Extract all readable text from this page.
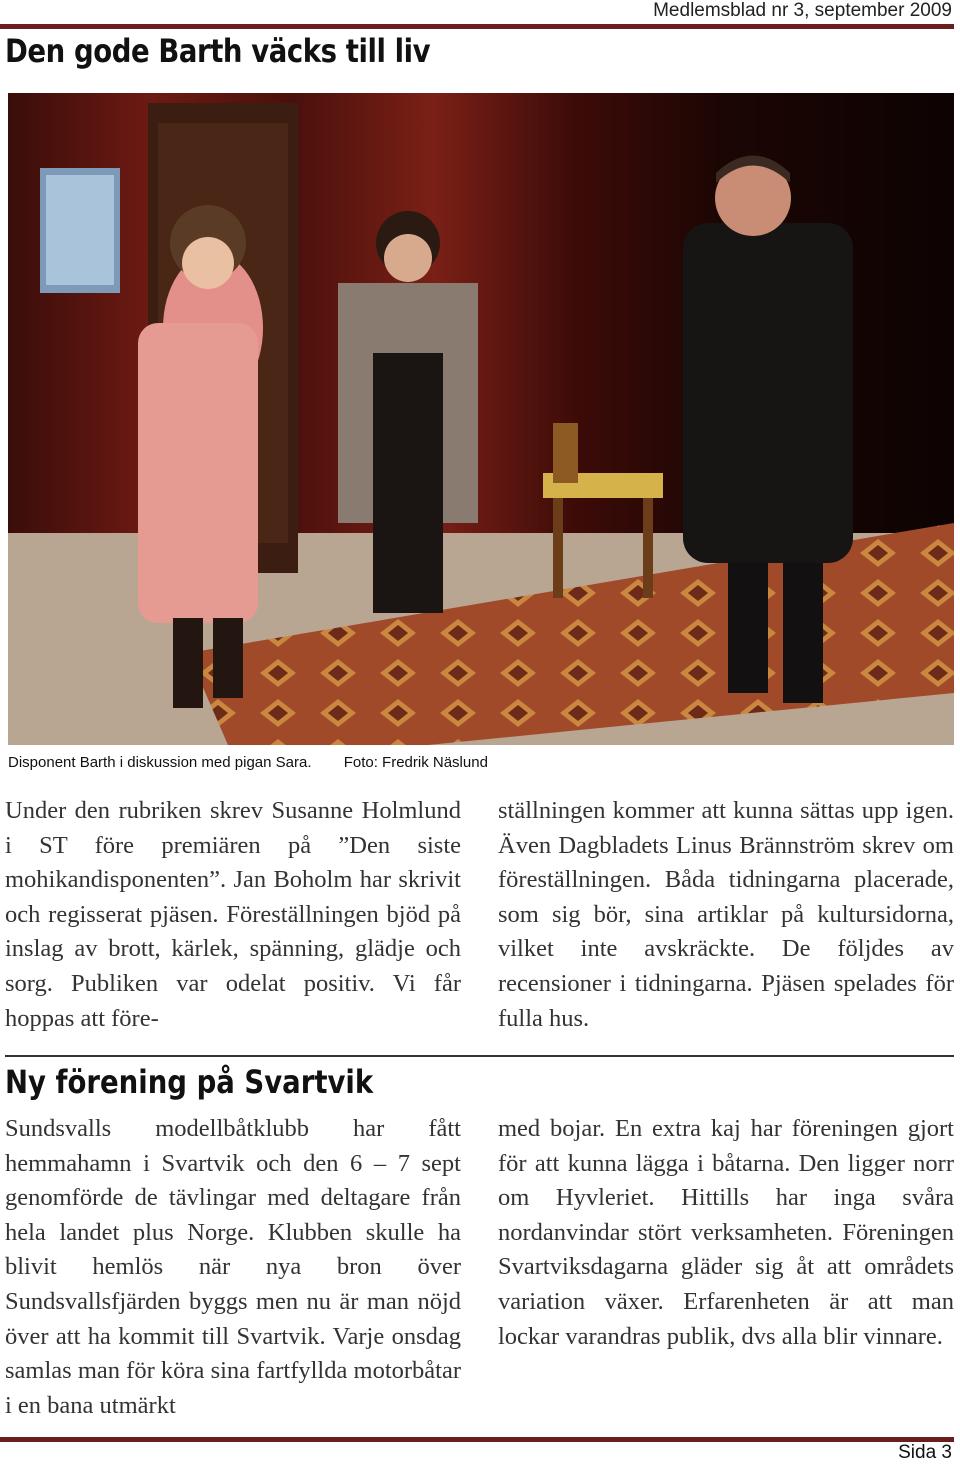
Medlemsblad nr 3, september 2009
Den gode Barth väcks till liv
Disponent Barth i diskussion med pigan Sara. Foto: Fredrik Näslund

Under den rubriken skrev Susanne Holmlund i ST före premiären på ”Den siste mohikandisponenten”. Jan Boholm har skrivit och regisserat pjäsen. Föreställningen bjöd på inslag av brott, kärlek, spänning, glädje och sorg. Publiken var odelat positiv. Vi får hoppas att före-

ställningen kommer att kunna sättas upp igen. Även Dagbladets Linus Brännström skrev om föreställningen. Båda tidningarna placerade, som sig bör, sina artiklar på kultursidorna, vilket inte avskräckte. De följdes av recensioner i tidningarna. Pjäsen spelades för fulla hus.

Ny förening på Svartvik

Sundsvalls modellbåtklubb har fått hemmahamn i Svartvik och den 6 – 7 sept genomförde de tävlingar med deltagare från hela landet plus Norge. Klubben skulle ha blivit hemlös när nya bron över Sundsvallsfjärden byggs men nu är man nöjd över att ha kommit till Svartvik. Varje onsdag samlas man för köra sina fartfyllda motorbåtar i en bana utmärkt

med bojar. En extra kaj har föreningen gjort för att kunna lägga i båtarna. Den ligger norr om Hyvleriet. Hittills har inga svåra nordanvindar stört verksamheten. Föreningen Svartviksdagarna gläder sig åt att områdets variation växer. Erfarenheten är att man lockar varandras publik, dvs alla blir vinnare.

Sida 3
